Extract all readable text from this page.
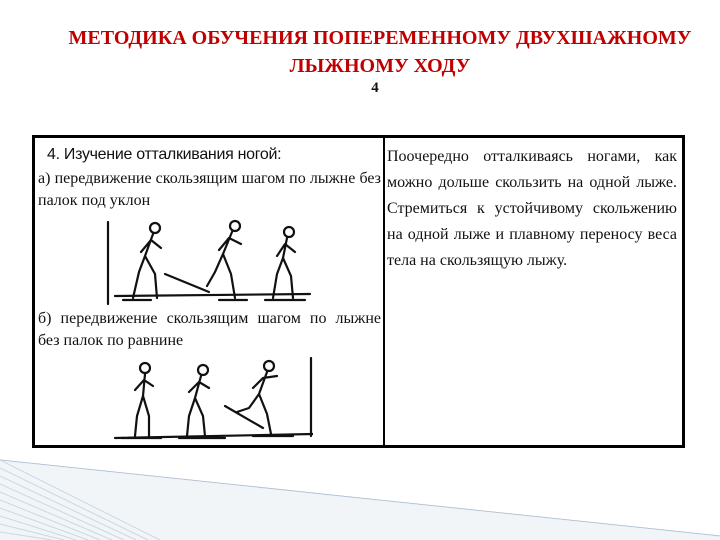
МЕТОДИКА ОБУЧЕНИЯ ПОПЕРЕМЕННОМУ ДВУХШАЖНОМУ ЛЫЖНОМУ ХОДУ
4
4. Изучение отталкивания ногой:
а) передвижение скользящим шагом по лыжне без палок под уклон
б) передвижение скользящим шагом по лыжне без палок по равнине
Поочередно отталкиваясь ногами, как можно дольше скользить на одной лыже. Стремиться к устойчивому скольжению на одной лыже и плавному переносу веса тела на скользящую лыжу.
